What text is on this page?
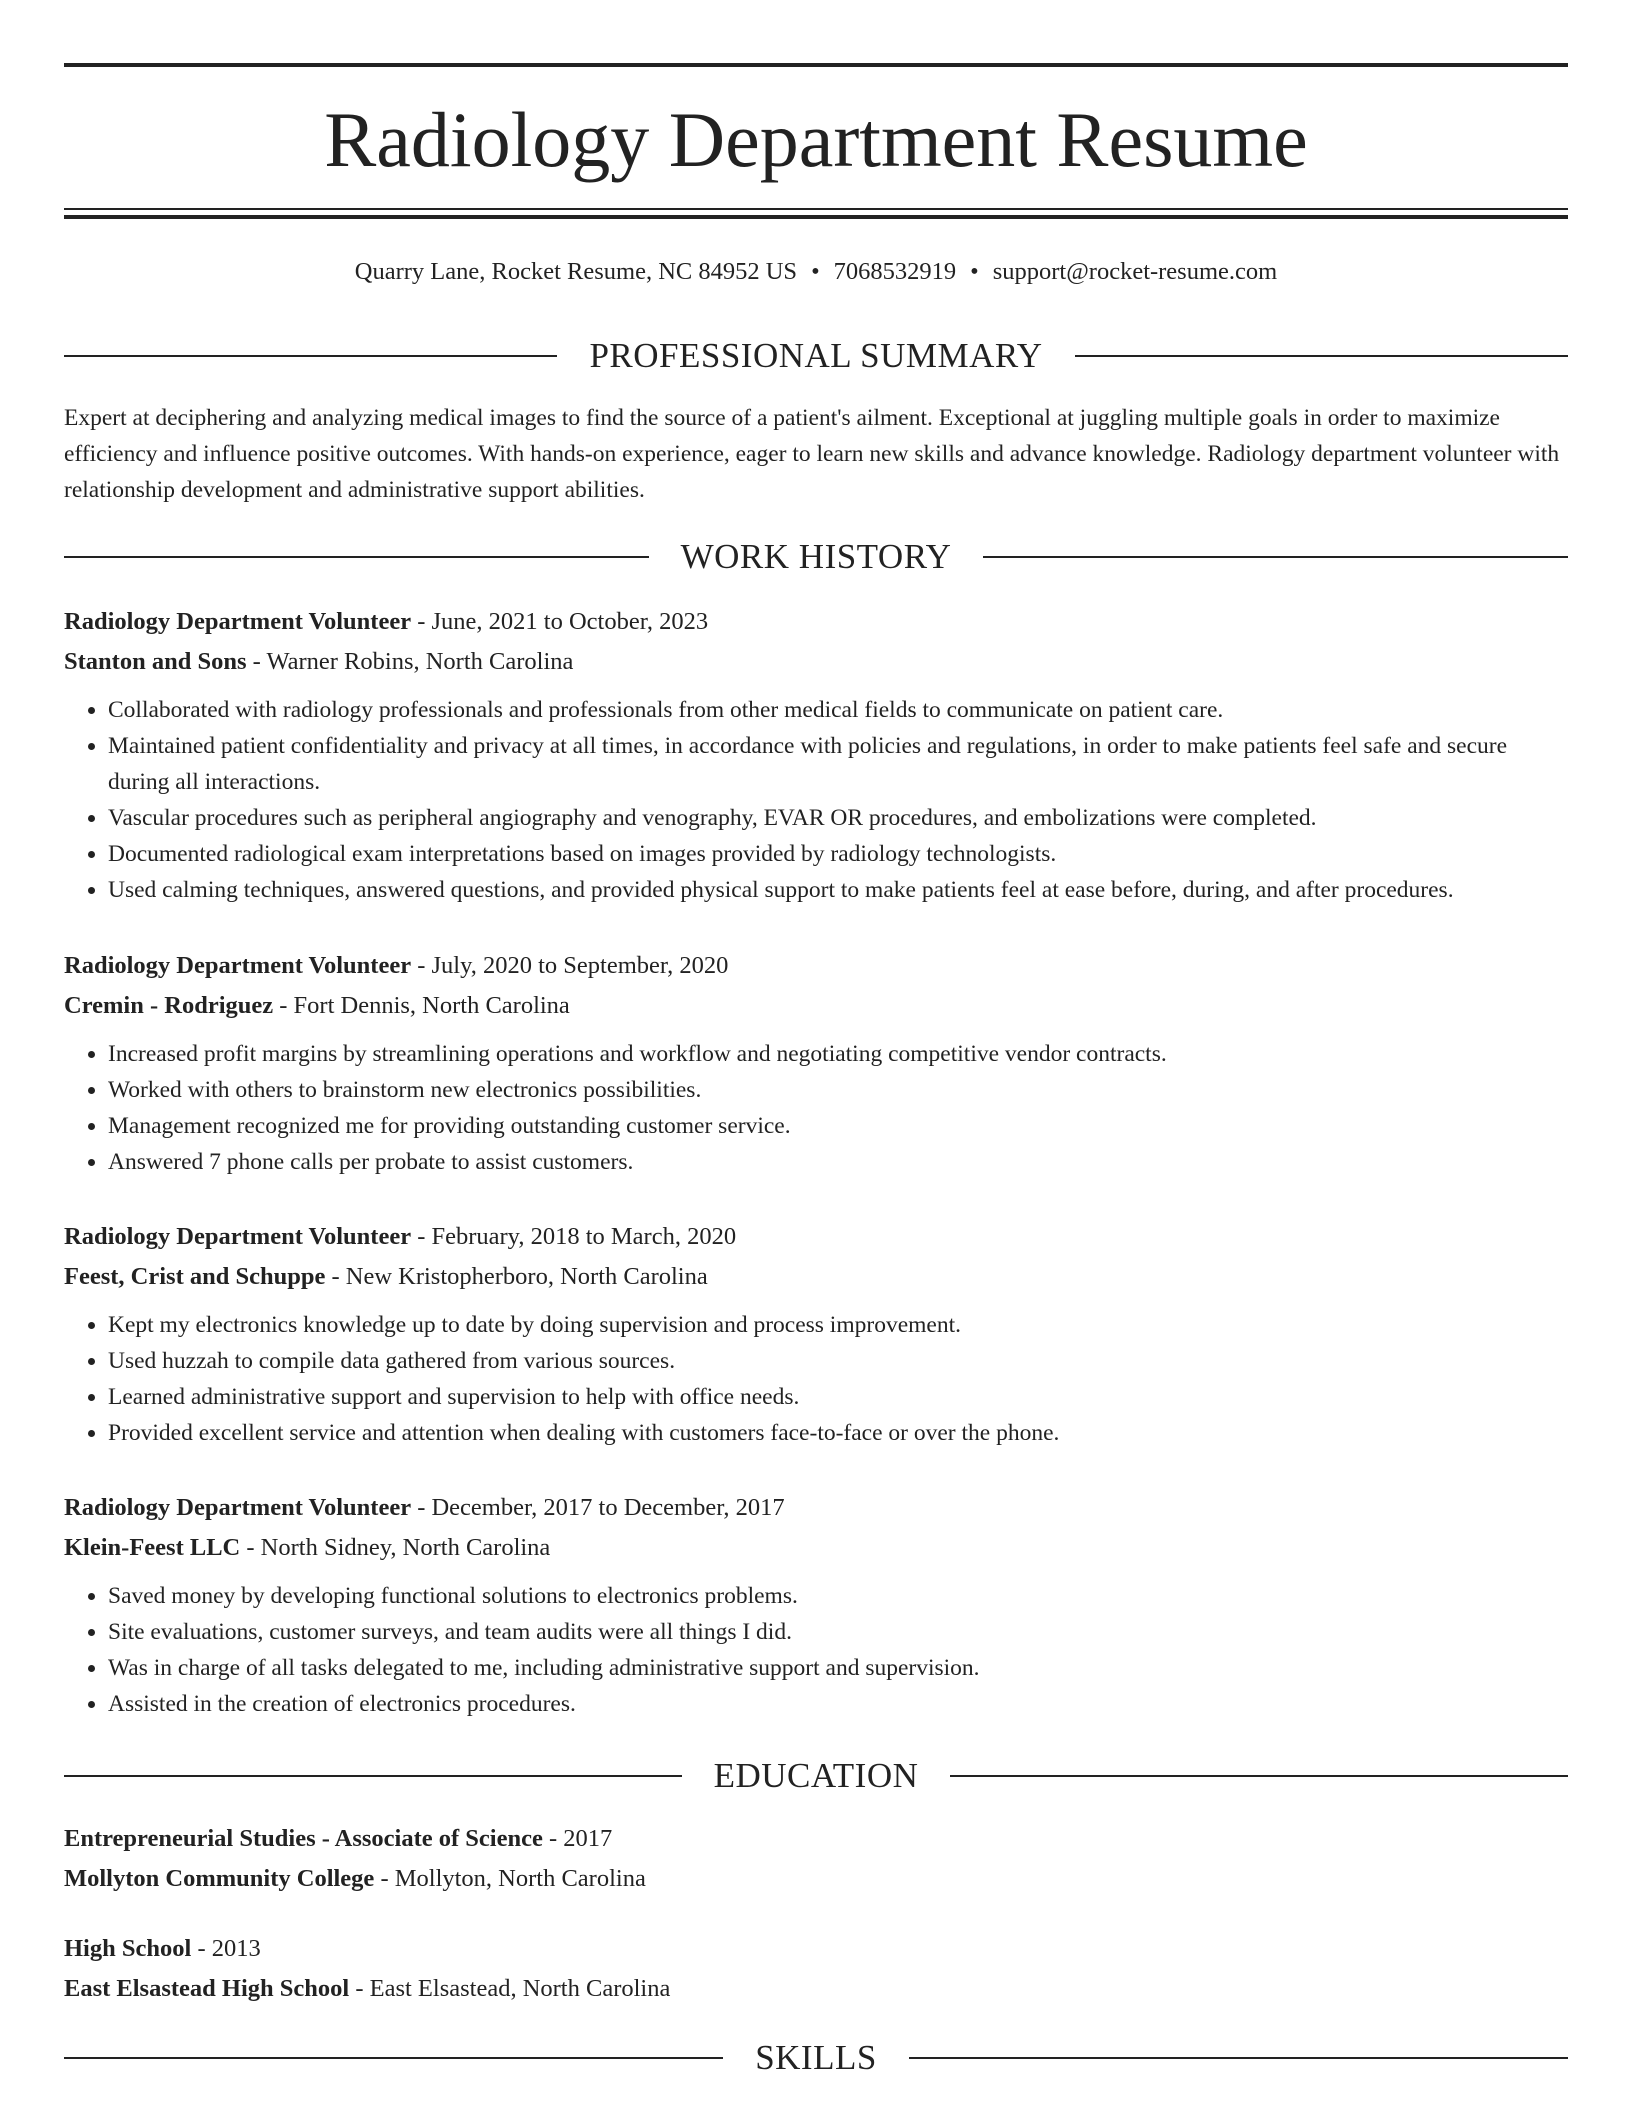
Radiology Department Resume
Quarry Lane, Rocket Resume, NC 84952 US • 7068532919 • support@rocket-resume.com
PROFESSIONAL SUMMARY
Expert at deciphering and analyzing medical images to find the source of a patient's ailment. Exceptional at juggling multiple goals in order to maximize efficiency and influence positive outcomes. With hands-on experience, eager to learn new skills and advance knowledge. Radiology department volunteer with relationship development and administrative support abilities.
WORK HISTORY
Radiology Department Volunteer - June, 2021 to October, 2023
Stanton and Sons - Warner Robins, North Carolina
• Collaborated with radiology professionals and professionals from other medical fields to communicate on patient care.
• Maintained patient confidentiality and privacy at all times, in accordance with policies and regulations, in order to make patients feel safe and secure during all interactions.
• Vascular procedures such as peripheral angiography and venography, EVAR OR procedures, and embolizations were completed.
• Documented radiological exam interpretations based on images provided by radiology technologists.
• Used calming techniques, answered questions, and provided physical support to make patients feel at ease before, during, and after procedures.
Radiology Department Volunteer - July, 2020 to September, 2020
Cremin - Rodriguez - Fort Dennis, North Carolina
• Increased profit margins by streamlining operations and workflow and negotiating competitive vendor contracts.
• Worked with others to brainstorm new electronics possibilities.
• Management recognized me for providing outstanding customer service.
• Answered 7 phone calls per probate to assist customers.
Radiology Department Volunteer - February, 2018 to March, 2020
Feest, Crist and Schuppe - New Kristopherboro, North Carolina
• Kept my electronics knowledge up to date by doing supervision and process improvement.
• Used huzzah to compile data gathered from various sources.
• Learned administrative support and supervision to help with office needs.
• Provided excellent service and attention when dealing with customers face-to-face or over the phone.
Radiology Department Volunteer - December, 2017 to December, 2017
Klein-Feest LLC - North Sidney, North Carolina
• Saved money by developing functional solutions to electronics problems.
• Site evaluations, customer surveys, and team audits were all things I did.
• Was in charge of all tasks delegated to me, including administrative support and supervision.
• Assisted in the creation of electronics procedures.
EDUCATION
Entrepreneurial Studies - Associate of Science - 2017
Mollyton Community College - Mollyton, North Carolina
High School - 2013
East Elsastead High School - East Elsastead, North Carolina
SKILLS
